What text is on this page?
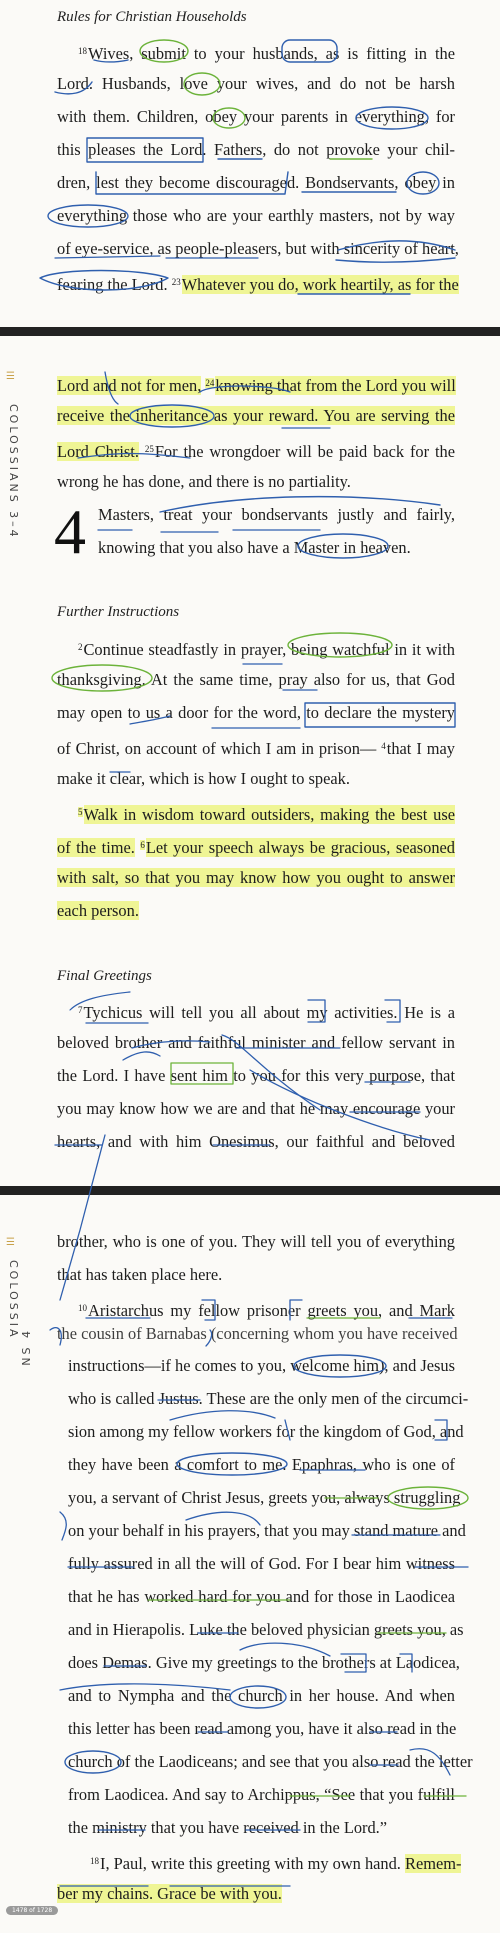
Rules for Christian Households
$^{18}$Wives, submit to your husbands, as is fitting in the
Lord. Husbands, love your wives, and do not be harsh
with them. Children, obey your parents in everything, for
this pleases the Lord. Fathers, do not provoke your chil-
dren, lest they become discouraged. Bondservants, obey in
everything those who are your earthly masters, not by way
of eye-service, as people-pleasers, but with sincerity of heart,
fearing the Lord. $^{23}$Whatever you do, work heartily, as for the
☰
COLOSSIANS 3–4
Lord and not for men, $^{24}$knowing that from the Lord you will
receive the inheritance as your reward. You are serving the
Lord Christ. $^{25}$For the wrongdoer will be paid back for the
wrong he has done, and there is no partiality.
4 Masters, treat your bondservants justly and fairly,
knowing that you also have a Master in heaven.
Further Instructions
$^2$Continue steadfastly in prayer, being watchful in it with
thanksgiving. At the same time, pray also for us, that God
may open to us a door for the word, to declare the mystery
of Christ, on account of which I am in prison— $^4$that I may
make it clear, which is how I ought to speak.
$^5$Walk in wisdom toward outsiders, making the best use
of the time. $^6$Let your speech always be gracious, seasoned
with salt, so that you may know how you ought to answer
each person.
Final Greetings
$^7$Tychicus will tell you all about my activities. He is a
beloved brother and faithful minister and fellow servant in
the Lord. I have sent him to you for this very purpose, that
you may know how we are and that he may encourage your
hearts, and with him Onesimus, our faithful and beloved
☰
COLOSSIA
NS 4
brother, who is one of you. They will tell you of everything
that has taken place here.
$^{10}$Aristarchus my fellow prisoner greets you, and Mark
the cousin of Barnabas (concerning whom you have received
instructions—if he comes to you, welcome him), and Jesus
who is called Justus. These are the only men of the circumci-
sion among my fellow workers for the kingdom of God, and
they have been a comfort to me. Epaphras, who is one of
you, a servant of Christ Jesus, greets you, always struggling
on your behalf in his prayers, that you may stand mature and
fully assured in all the will of God. For I bear him witness
that he has worked hard for you and for those in Laodicea
and in Hierapolis. Luke the beloved physician greets you, as
does Demas. Give my greetings to the brothers at Laodicea,
and to Nympha and the church in her house. And when
this letter has been read among you, have it also read in the
church of the Laodiceans; and see that you also read the letter
from Laodicea. And say to Archippus, “See that you fulfill
the ministry that you have received in the Lord.”
$^{18}$I, Paul, write this greeting with my own hand. Remem-
ber my chains. Grace be with you.
1478 of 1728
